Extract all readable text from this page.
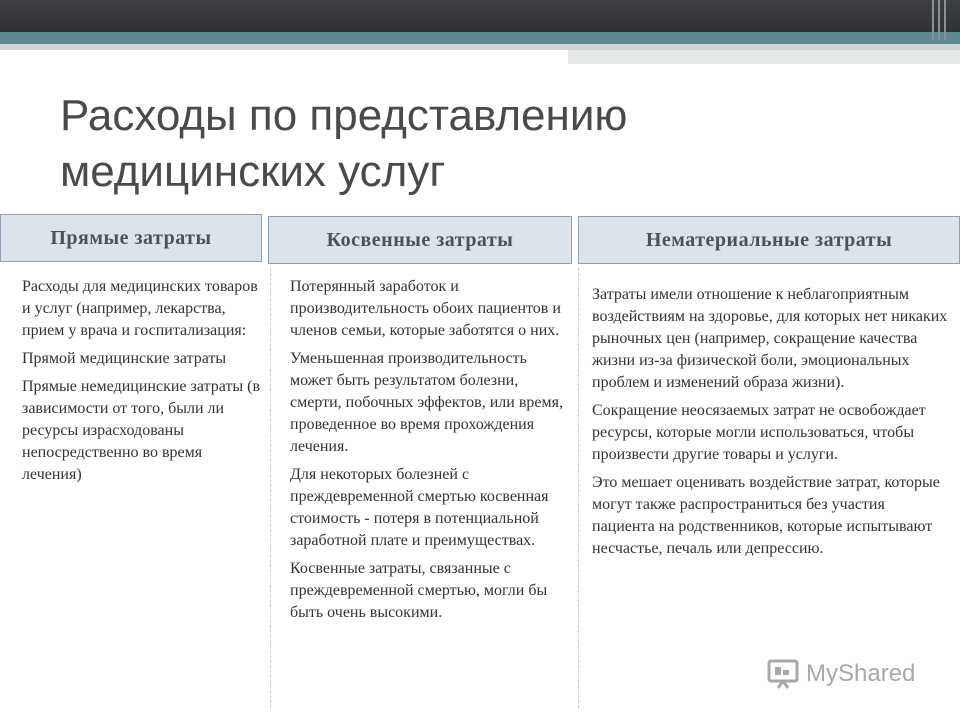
Расходы по представлению
медицинских услуг
Прямые затраты	Косвенные затраты	Нематериальные затраты

Расходы для медицинских товаров и услуг (например, лекарства, прием у врача и госпитализация:

Прямой медицинские затраты

Прямые немедицинские затраты (в зависимости от того, были ли ресурсы израсходованы непосредственно во время лечения)

Потерянный заработок и производительность обоих пациентов и членов семьи, которые заботятся о них.

Уменьшенная производительность может быть результатом болезни, смерти, побочных эффектов, или время, проведенное во время прохождения лечения.

Для некоторых болезней с преждевременной смертью косвенная стоимость - потеря в потенциальной заработной плате и преимуществах.

Косвенные затраты, связанные с преждевременной смертью, могли бы быть очень высокими.

Затраты имели отношение к неблагоприятным воздействиям на здоровье, для которых нет никаких рыночных цен (например, сокращение качества жизни из-за физической боли, эмоциональных проблем и изменений образа жизни).

Сокращение неосязаемых затрат не освобождает ресурсы, которые могли использоваться, чтобы произвести другие товары и услуги.

Это мешает оценивать воздействие затрат, которые могут также распространиться без участия пациента на родственников, которые испытывают несчастье, печаль или депрессию.

MyShared
